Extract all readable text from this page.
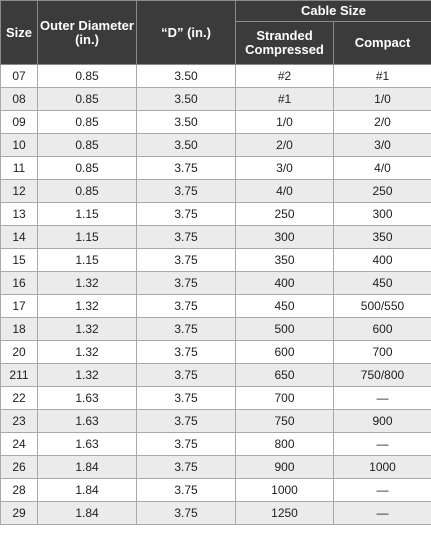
Size	Outer Diameter (in.)	“D” (in.)	Cable Size	
			Stranded Compressed	Compact
07	0.85	3.50	#2	#1
08	0.85	3.50	#1	1/0
09	0.85	3.50	1/0	2/0
10	0.85	3.50	2/0	3/0
11	0.85	3.75	3/0	4/0
12	0.85	3.75	4/0	250
13	1.15	3.75	250	300
14	1.15	3.75	300	350
15	1.15	3.75	350	400
16	1.32	3.75	400	450
17	1.32	3.75	450	500/550
18	1.32	3.75	500	600
20	1.32	3.75	600	700
211	1.32	3.75	650	750/800
22	1.63	3.75	700	—
23	1.63	3.75	750	900
24	1.63	3.75	800	—
26	1.84	3.75	900	1000
28	1.84	3.75	1000	—
29	1.84	3.75	1250	—
